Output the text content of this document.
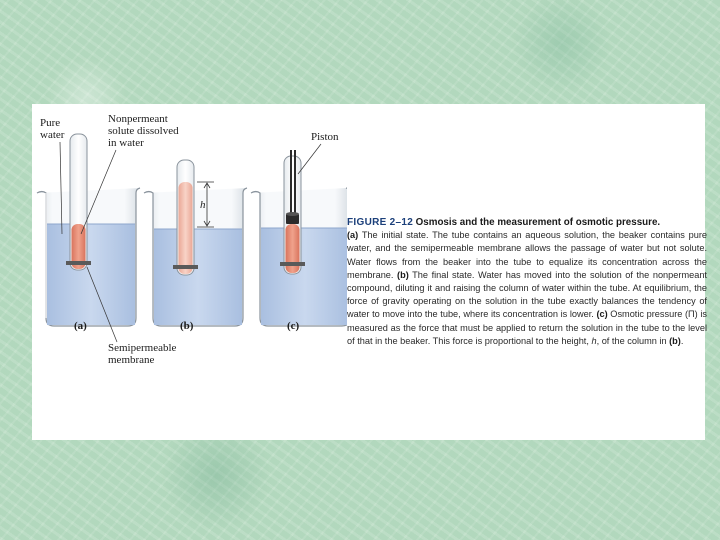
h
Pure
water
Nonpermeant
solute dissolved
in water	Piston
(a)	(b)	(c)
Semipermeable
membrane
FIGURE 2–12 Osmosis and the measurement of osmotic pressure.
(a) The initial state. The tube contains an aqueous solution, the beaker contains pure water, and the semipermeable membrane allows the passage of water but not solute. Water flows from the beaker into the tube to equalize its concentration across the membrane. (b) The final state. Water has moved into the solution of the nonpermeant compound, diluting it and raising the column of water within the tube. At equilibrium, the force of gravity operating on the solution in the tube exactly balances the tendency of water to move into the tube, where its concentration is lower. (c) Osmotic pressure (Π) is measured as the force that must be applied to return the solution in the tube to the level of that in the beaker. This force is proportional to the height, h, of the column in (b).
